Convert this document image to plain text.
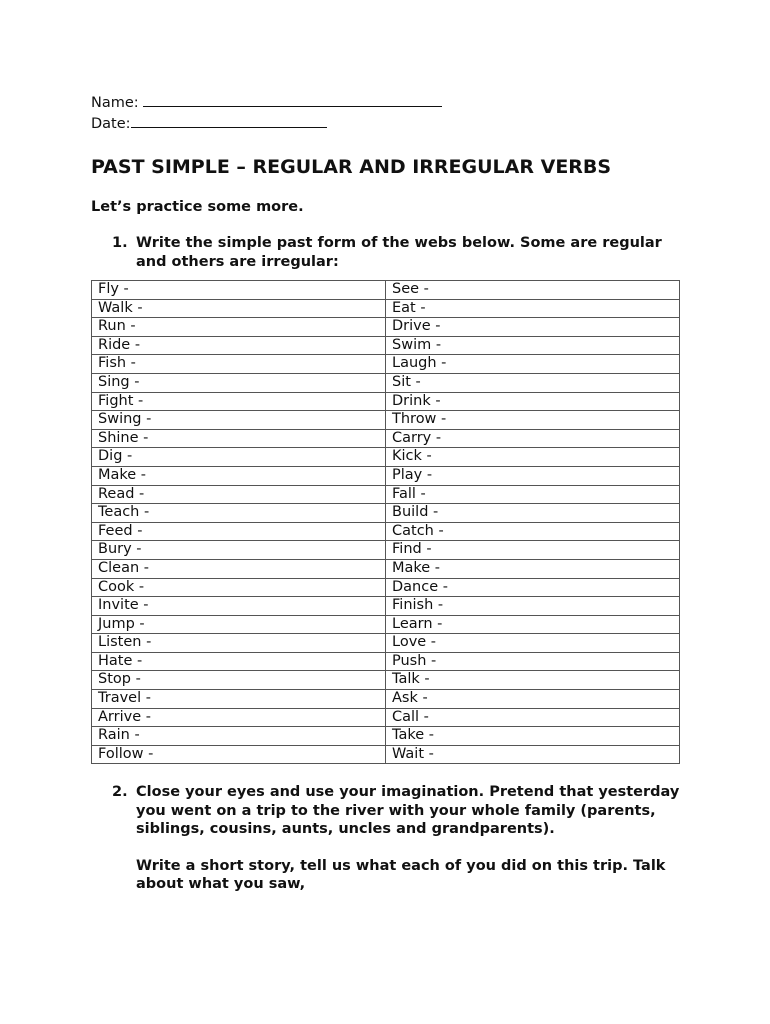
Name:
Date:
PAST SIMPLE – REGULAR AND IRREGULAR VERBS
Let’s practice some more.
1. Write the simple past form of the webs below. Some are regular and others are irregular:
Fly -	See -
Walk -	Eat -
Run -	Drive -
Ride -	Swim -
Fish -	Laugh -
Sing -	Sit -
Fight -	Drink -
Swing -	Throw -
Shine -	Carry -
Dig -	Kick -
Make -	Play -
Read -	Fall -
Teach -	Build -
Feed -	Catch -
Bury -	Find -
Clean -	Make -
Cook -	Dance -
Invite -	Finish -
Jump -	Learn -
Listen -	Love -
Hate -	Push -
Stop -	Talk -
Travel -	Ask -
Arrive -	Call -
Rain -	Take -
Follow -	Wait -
2. Close your eyes and use your imagination. Pretend that yesterday you went on a trip to the river with your whole family (parents, siblings, cousins, aunts, uncles and grandparents).
Write a short story, tell us what each of you did on this trip. Talk about what you saw,
